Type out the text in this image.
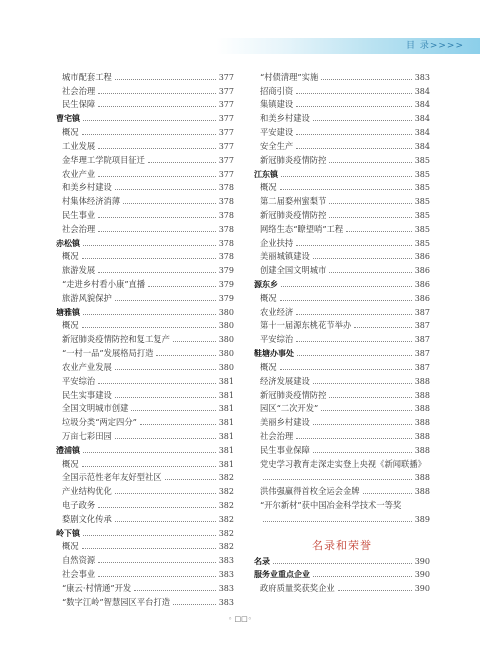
目 录>>>>
城市配套工程	377
社会治理	377
民生保障	377
曹宅镇	377
概况	377
工业发展	377
金华理工学院项目征迁	377
农业产业	377
和美乡村建设	378
村集体经济消薄	378
民生事业	378
社会治理	378
赤松镇	378
概况	378
旅游发展	379
“走进乡村看小康”直播	379
旅游风貌保护	379
塘雅镇	380
概况	380
新冠肺炎疫情防控和复工复产	380
“一村一品”发展格局打造	380
农业产业发展	380
平安综治	381
民生实事建设	381
全国文明城市创建	381
垃圾分类“两定四分”	381
万亩七彩田园	381
澧浦镇	381
概况	381
全国示范性老年友好型社区	382
产业结构优化	382
电子政务	382
婺剧文化传承	382
岭下镇	382
概况	382
自然资源	383
社会事业	383
“康云·村情通”开发	383
“数字江岭”智慧园区平台打造	383
“村债清理”实施	383
招商引资	384
集镇建设	384
和美乡村建设	384
平安建设	384
安全生产	384
新冠肺炎疫情防控	385
江东镇	385
概况	385
第二届婺州蜜梨节	385
新冠肺炎疫情防控	385
网络生态“瞭望哨”工程	385
企业扶持	385
美丽城镇建设	386
创建全国文明城市	386
源东乡	386
概况	386
农业经济	387
第十一届源东桃花节举办	387
平安综治	387
鞋塘办事处	387
概况	387
经济发展建设	388
新冠肺炎疫情防控	388
园区“二次开发”	388
美丽乡村建设	388
社会治理	388
民生事业保障	388
党史学习教育走深走实登上央视《新闻联播》
388
洪伟强赢得首枚全运会金牌	388
“开尔新材”获中国冶金科学技术一等奖
389
名录和荣誉
名录	390
服务业重点企业	390
政府质量奖获奖企业	390
◦ □□◦
